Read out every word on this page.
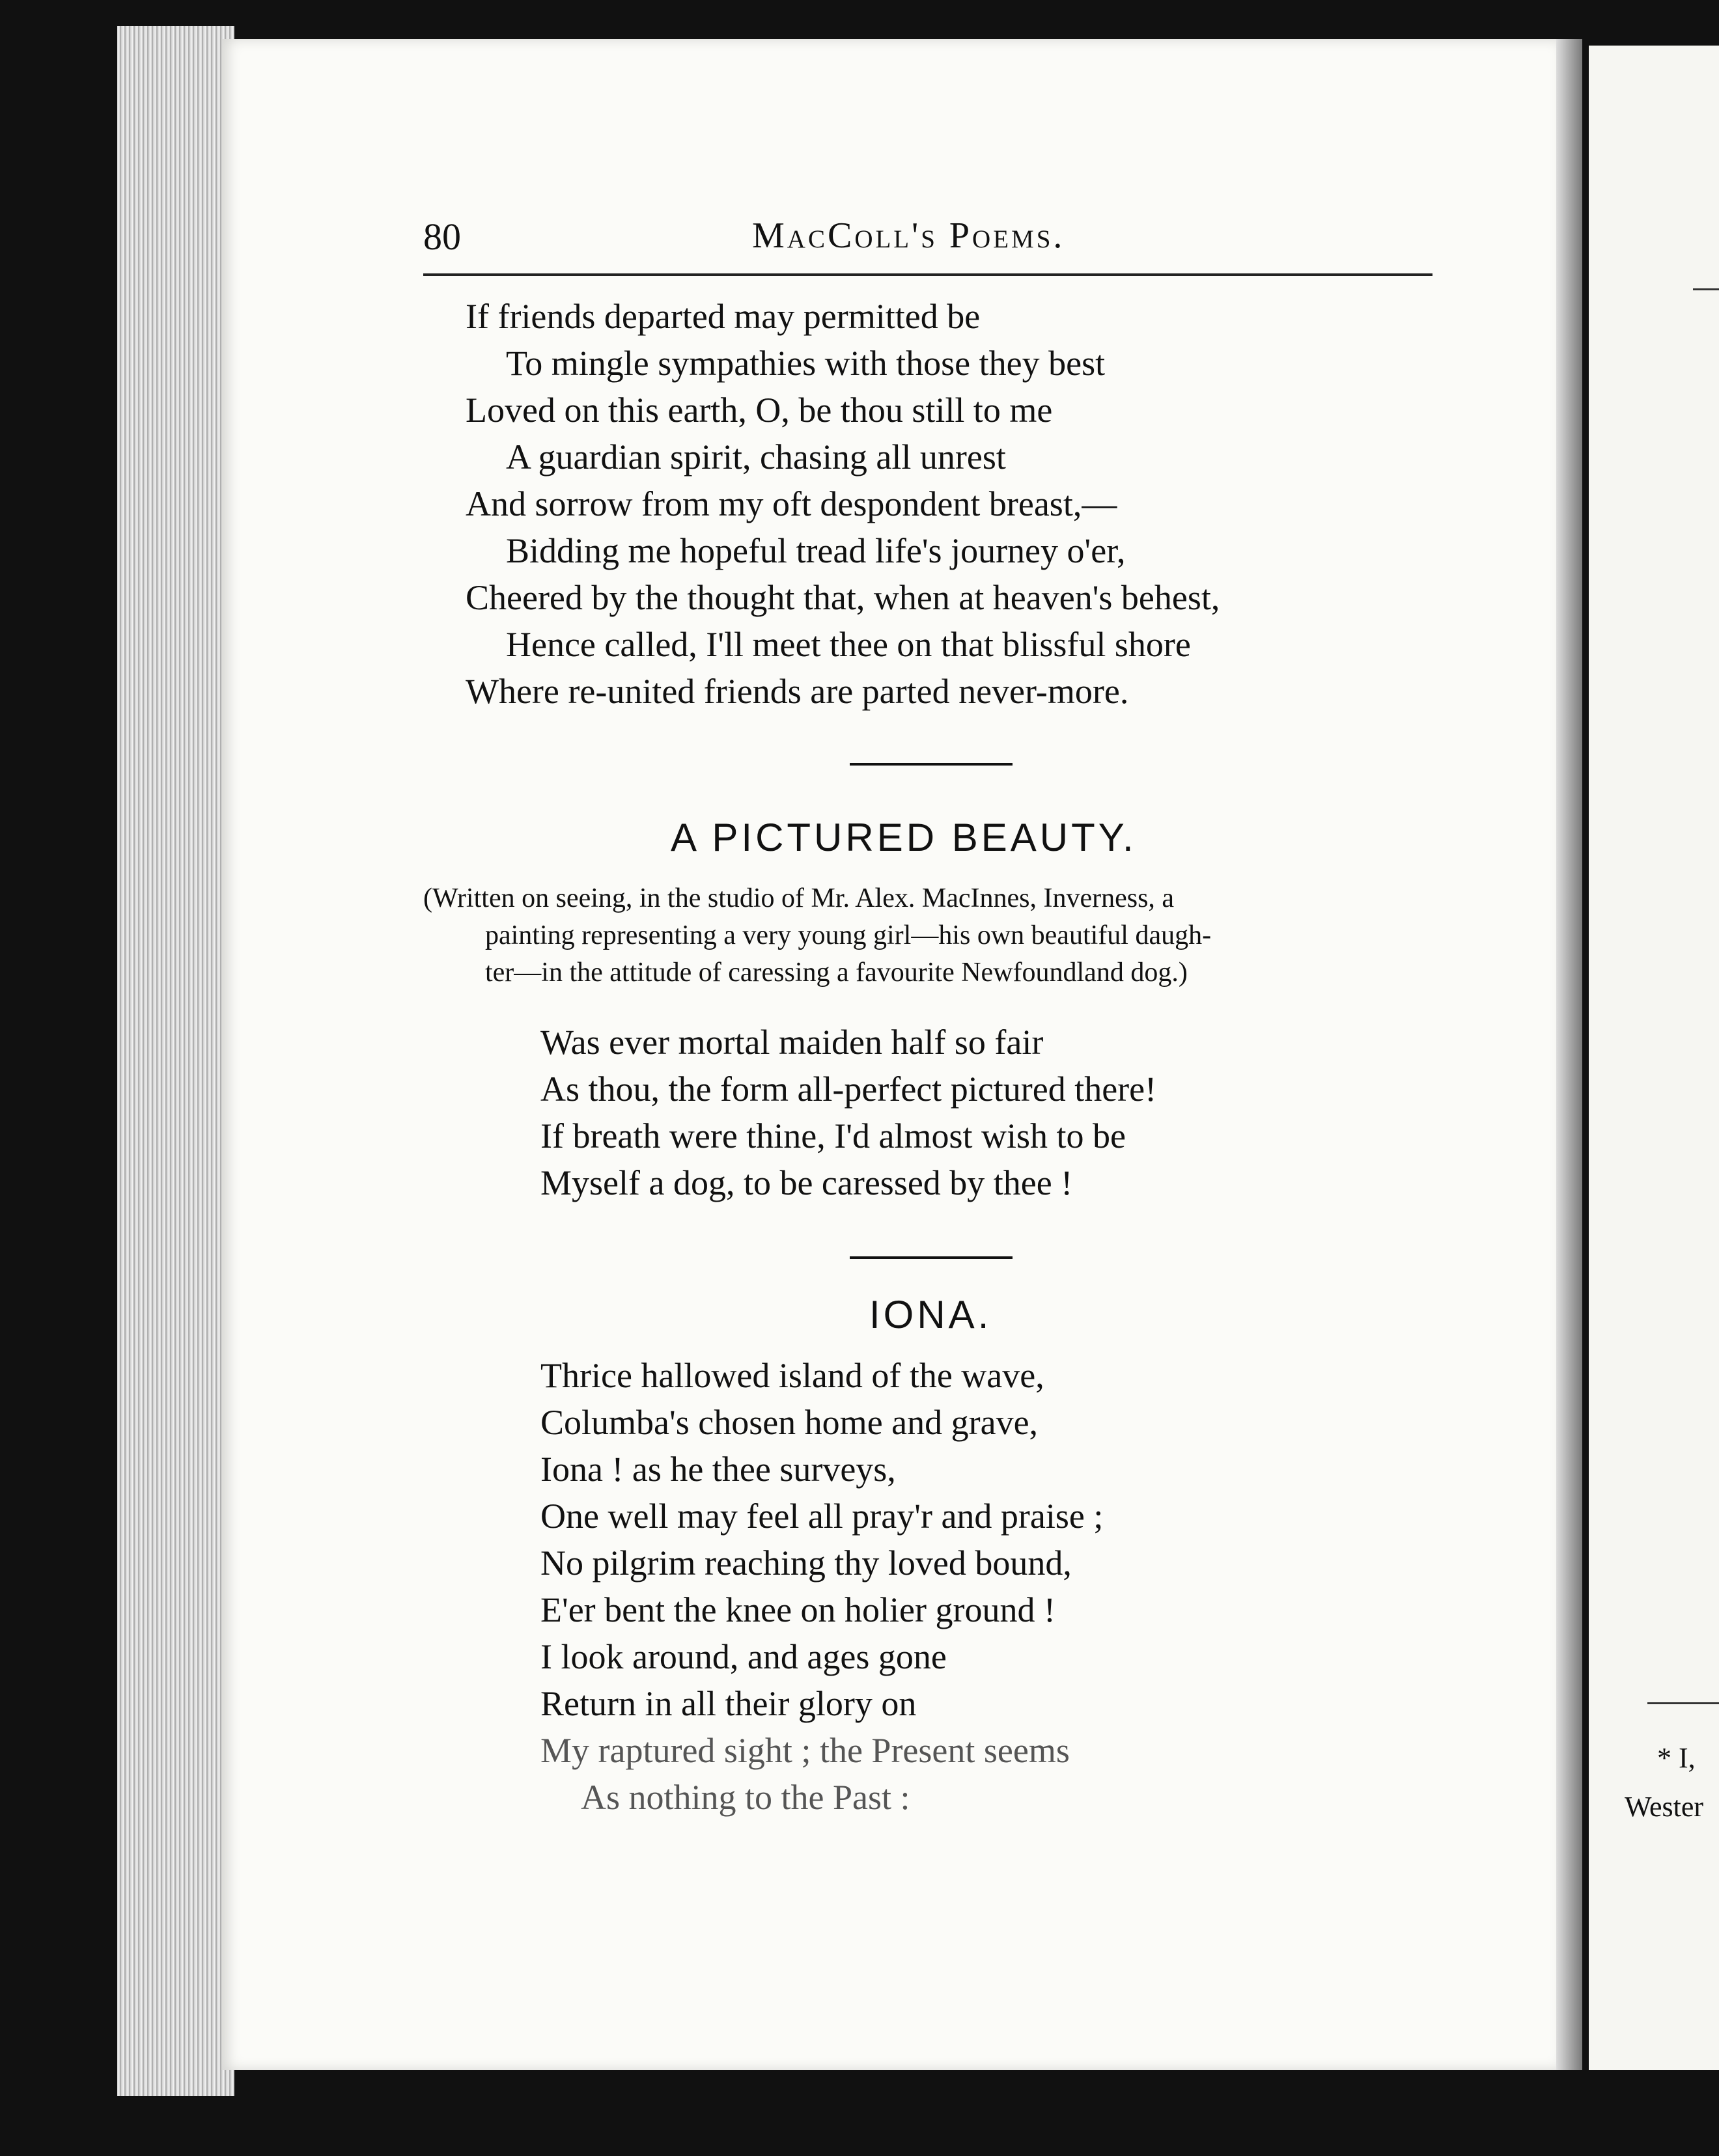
80	MacColl's Poems.
If friends departed may permitted be
To mingle sympathies with those they best
Loved on this earth, O, be thou still to me
A guardian spirit, chasing all unrest
And sorrow from my oft despondent breast,—
Bidding me hopeful tread life's journey o'er,
Cheered by the thought that, when at heaven's behest,
Hence called, I'll meet thee on that blissful shore
Where re-united friends are parted never-more.
A PICTURED BEAUTY.
(Written on seeing, in the studio of Mr. Alex. MacInnes, Inverness, a
painting representing a very young girl—his own beautiful daugh-
ter—in the attitude of caressing a favourite Newfoundland dog.)
Was ever mortal maiden half so fair
As thou, the form all-perfect pictured there!
If breath were thine, I'd almost wish to be
Myself a dog, to be caressed by thee !
IONA.
Thrice hallowed island of the wave,
Columba's chosen home and grave,
Iona ! as he thee surveys,
One well may feel all pray'r and praise ;
No pilgrim reaching thy loved bound,
E'er bent the knee on holier ground !
I look around, and ages gone
Return in all their glory on
My raptured sight ; the Present seems
As nothing to the Past :
* I,
Wester
